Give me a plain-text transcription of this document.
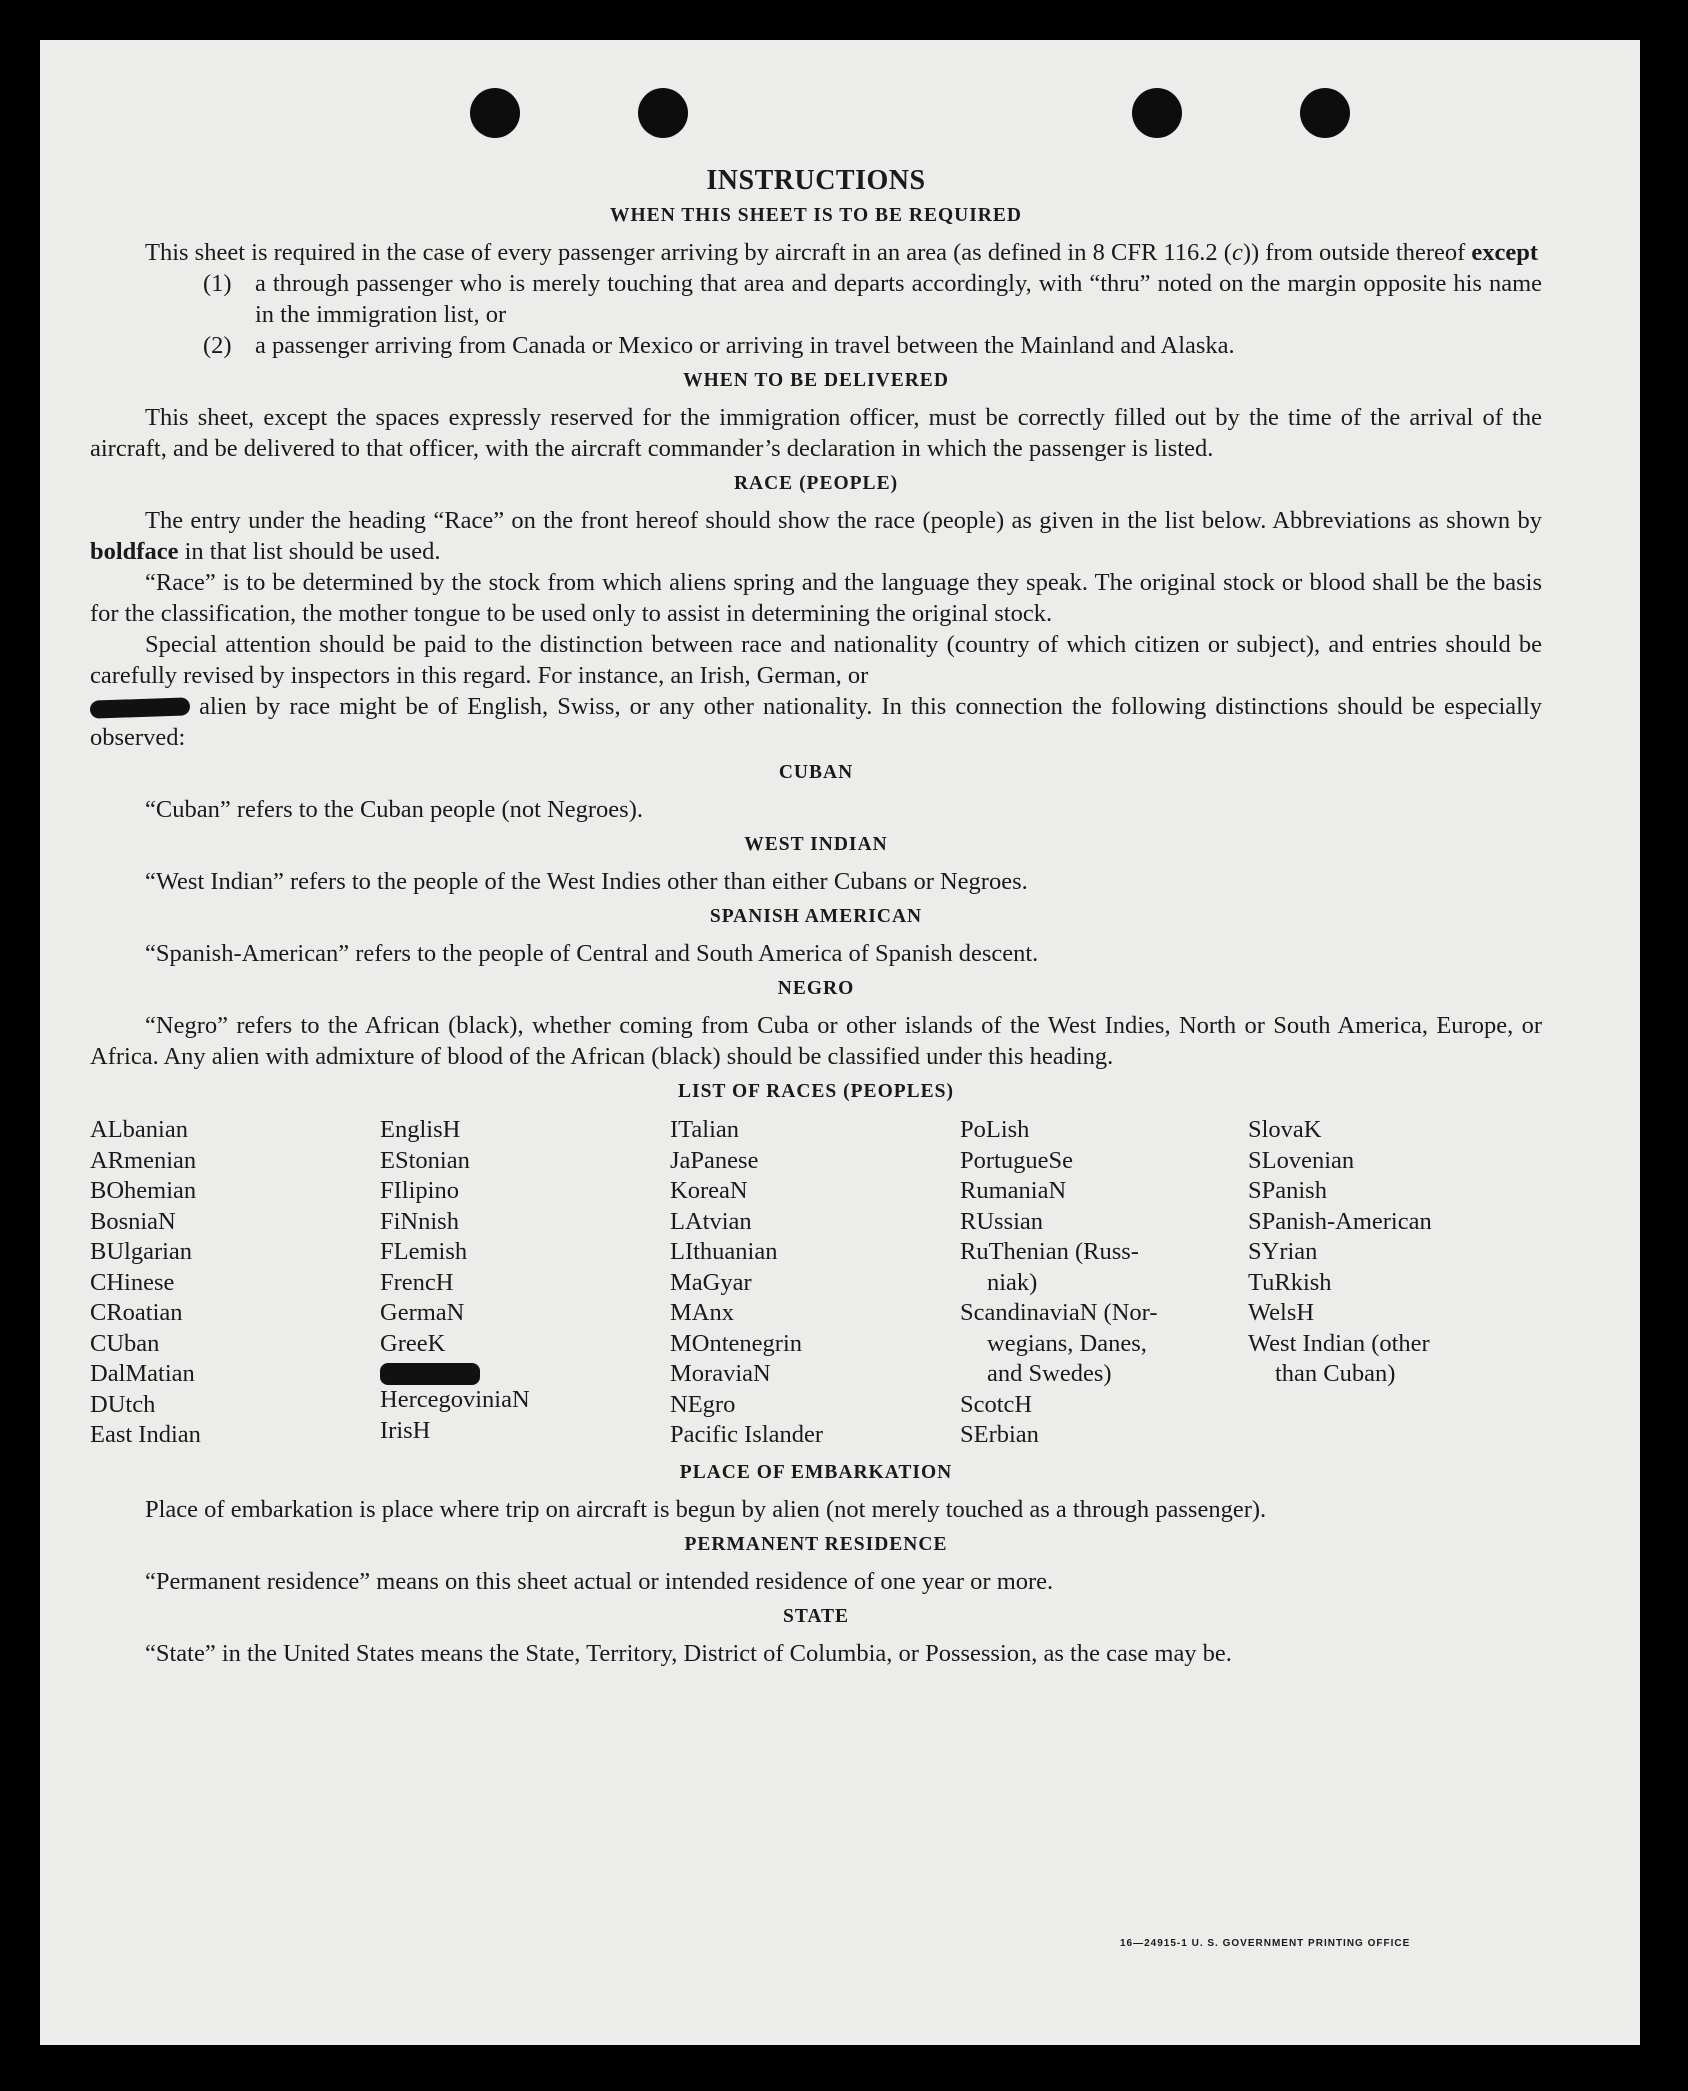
INSTRUCTIONS
WHEN THIS SHEET IS TO BE REQUIRED

This sheet is required in the case of every passenger arriving by aircraft in an area (as defined in 8 CFR 116.2 (c)) from outside thereof except

(1) a through passenger who is merely touching that area and departs accordingly, with “thru” noted on the margin opposite his name in the immigration list, or
(2) a passenger arriving from Canada or Mexico or arriving in travel between the Mainland and Alaska.
WHEN TO BE DELIVERED

This sheet, except the spaces expressly reserved for the immigration officer, must be correctly filled out by the time of the arrival of the aircraft, and be delivered to that officer, with the aircraft commander’s declaration in which the passenger is listed.

RACE (PEOPLE)

The entry under the heading “Race” on the front hereof should show the race (people) as given in the list below. Abbreviations as shown by boldface in that list should be used.

“Race” is to be determined by the stock from which aliens spring and the language they speak. The original stock or blood shall be the basis for the classification, the mother tongue to be used only to assist in determining the original stock.

Special attention should be paid to the distinction between race and nationality (country of which citizen or subject), and entries should be carefully revised by inspectors in this regard. For instance, an Irish, German, or
alien by race might be of English, Swiss, or any other nationality. In this connection the following distinctions should be especially observed:

CUBAN

“Cuban” refers to the Cuban people (not Negroes).

WEST INDIAN

“West Indian” refers to the people of the West Indies other than either Cubans or Negroes.

SPANISH AMERICAN

“Spanish-American” refers to the people of Central and South America of Spanish descent.

NEGRO

“Negro” refers to the African (black), whether coming from Cuba or other islands of the West Indies, North or South America, Europe, or Africa. Any alien with admixture of blood of the African (black) should be classified under this heading.

LIST OF RACES (PEOPLES)
ALbanian
ARmenian
BOhemian
BosniaN
BUlgarian
CHinese
CRoatian
CUban
DalMatian
DUtch
East Indian
EnglisH
EStonian
FIlipino
FiNnish
FLemish
FrencH
GermaN
GreeK
HercegoviniaN
IrisH
ITalian
JaPanese
KoreaN
LAtvian
LIthuanian
MaGyar
MAnx
MOntenegrin
MoraviaN
NEgro
Pacific Islander
PoLish
PortugueSe
RumaniaN
RUssian
RuThenian (Russ-
niak)
ScandinaviaN (Nor-
wegians, Danes,
and Swedes)
ScotcH
SErbian
SlovaK
SLovenian
SPanish
SPanish-American
SYrian
TuRkish
WelsH
West Indian (other
than Cuban)
PLACE OF EMBARKATION

Place of embarkation is place where trip on aircraft is begun by alien (not merely touched as a through passenger).

PERMANENT RESIDENCE

“Permanent residence” means on this sheet actual or intended residence of one year or more.

STATE

“State” in the United States means the State, Territory, District of Columbia, or Possession, as the case may be.

16—24915-1 U. S. GOVERNMENT PRINTING OFFICE
